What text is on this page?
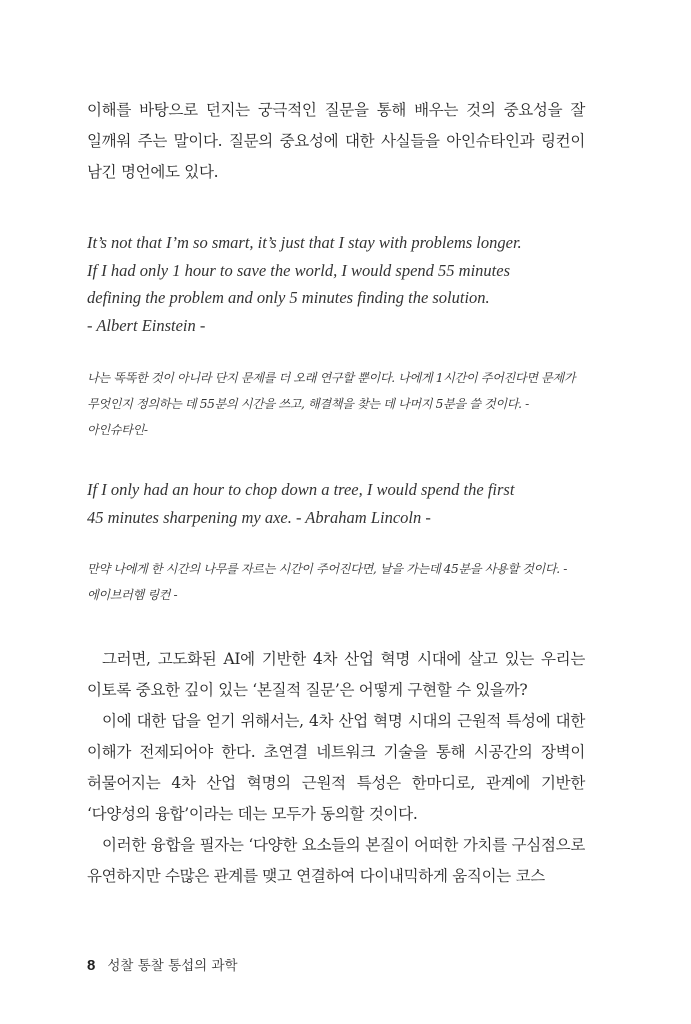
이해를 바탕으로 던지는 궁극적인 질문을 통해 배우는 것의 중요성을 잘 일깨워 주는 말이다. 질문의 중요성에 대한 사실들을 아인슈타인과 링컨이 남긴 명언에도 있다.

It’s not that I’m so smart, it’s just that I stay with problems longer.
If I had only 1 hour to save the world, I would spend 55 minutes
defining the problem and only 5 minutes finding the solution.
- Albert Einstein -

나는 똑똑한 것이 아니라 단지 문제를 더 오래 연구할 뿐이다. 나에게 1시간이 주어진다면 문제가 무엇인지 정의하는 데 55분의 시간을 쓰고, 해결책을 찾는 데 나머지 5분을 쓸 것이다. - 아인슈타인-

If I only had an hour to chop down a tree, I would spend the first
45 minutes sharpening my axe. - Abraham Lincoln -

만약 나에게 한 시간의 나무를 자르는 시간이 주어진다면, 날을 가는데 45분을 사용할 것이다. - 에이브러햄 링컨 -

그러면, 고도화된 AI에 기반한 4차 산업 혁명 시대에 살고 있는 우리는 이토록 중요한 깊이 있는 ‘본질적 질문’은 어떻게 구현할 수 있을까?

이에 대한 답을 얻기 위해서는, 4차 산업 혁명 시대의 근원적 특성에 대한 이해가 전제되어야 한다. 초연결 네트워크 기술을 통해 시공간의 장벽이 허물어지는 4차 산업 혁명의 근원적 특성은 한마디로, 관계에 기반한 ‘다양성의 융합’이라는 데는 모두가 동의할 것이다.

이러한 융합을 필자는 ‘다양한 요소들의 본질이 어떠한 가치를 구심점으로 유연하지만 수많은 관계를 맺고 연결하여 다이내믹하게 움직이는 코스

8 성찰 통찰 통섭의 과학
